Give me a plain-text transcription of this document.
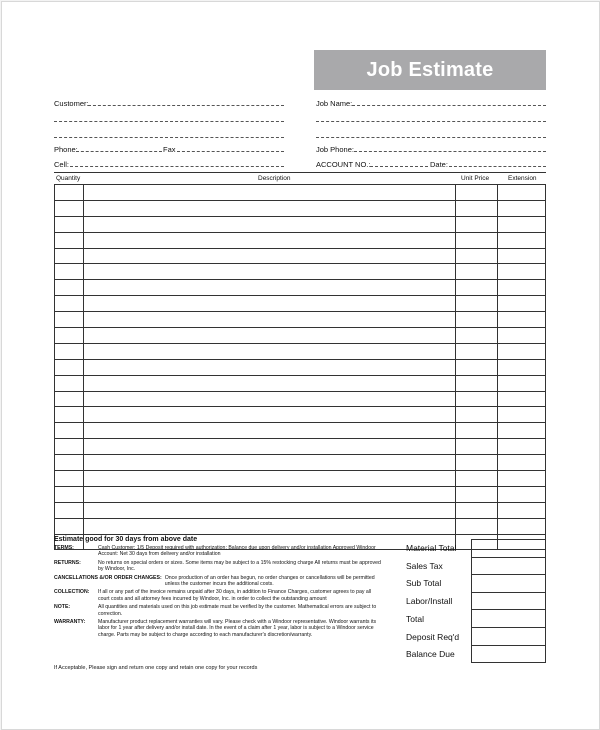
Job Estimate
Customer:
Phone:	Fax
Cell:
Job Name:
Job Phone:
ACCOUNT NO.:	Date:
Quantity	Description	Unit Price	Extension

Estimate good for 30 days from above date
TERMS:	Cash Customer: 1/5 Deposit required with authorization; Balance due upon delivery and/or installation Approved Windoor Account: Net 30 days from delivery and/or installation
RETURNS:	No returns on special orders or sizes. Some items may be subject to a 15% restocking charge All returns must be approved by Windoor, Inc.
CANCELLATIONS &/OR ORDER CHANGES: Once production of an order has begun, no order changes or cancellations will be permitted unless the customer incurs the additional costs.
COLLECTION:	If all or any part of the invoice remains unpaid after 30 days, in addition to Finance Charges, customer agrees to pay all court costs and all attorney fees incurred by Windoor, Inc. in order to collect the outstanding amount
NOTE:	All quantities and materials used on this job estimate must be verified by the customer. Mathematical errors are subject to correction.
WARRANTY:	Manufacturer product replacement warranties will vary. Please check with a Windoor representative. Windoor warrants its labor for 1 year after delivery and/or install date. In the event of a claim after 1 year, labor is subject to a Windoor service charge. Parts may be subject to charge according to each manufacturer's discretion/warranty.
Material Total
Sales Tax
Sub Total
Labor/Install
Total
Deposit Req'd
Balance Due

If Acceptable, Please sign and return one copy and retain one copy for your records
